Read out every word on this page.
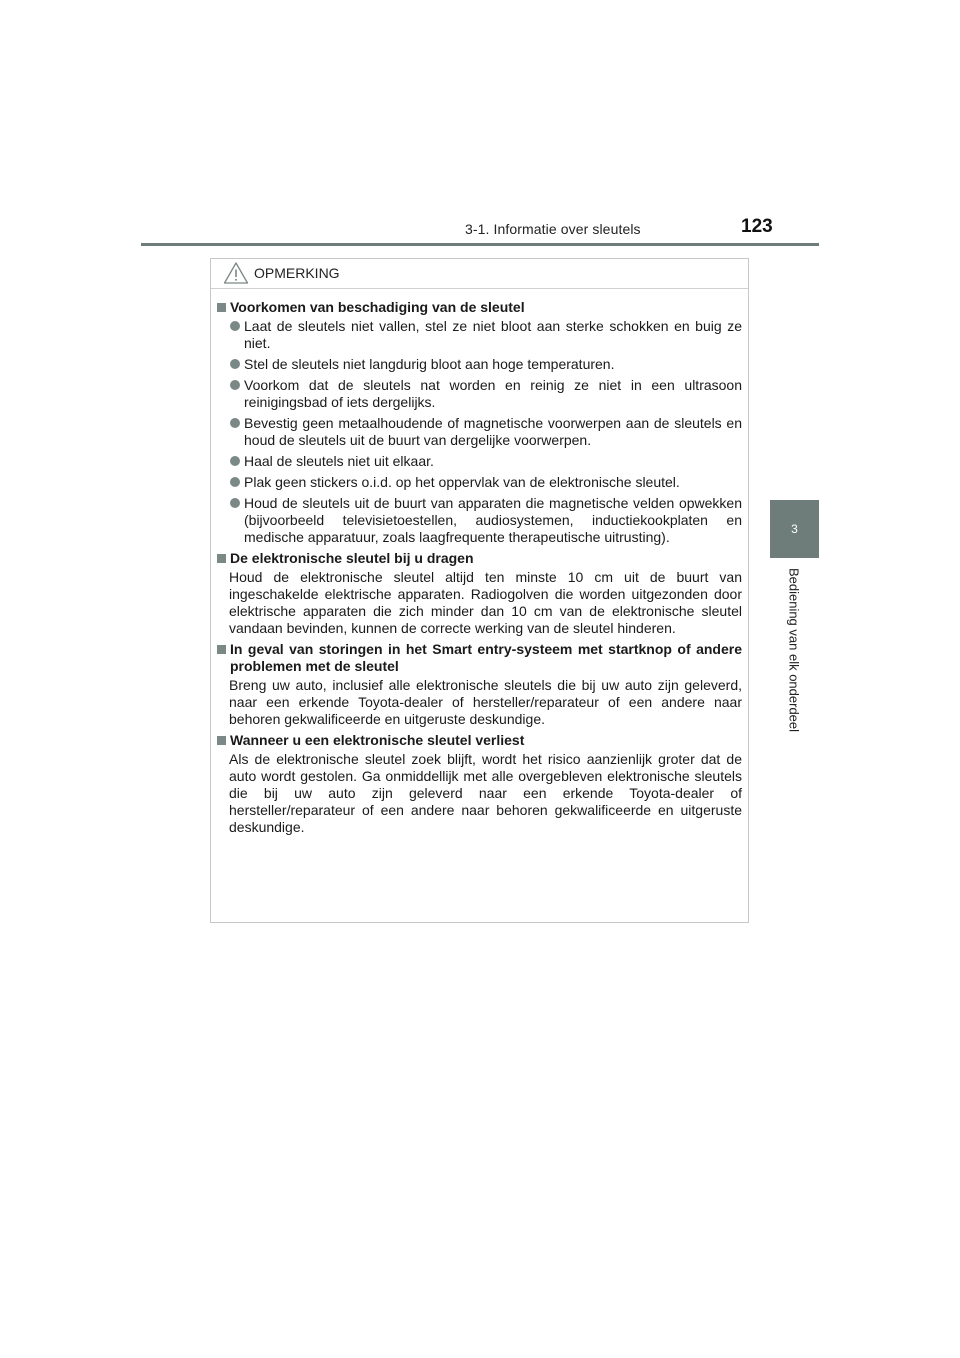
3-1. Informatie over sleutels	123
3
Bediening van elk onderdeel
OPMERKING
Voorkomen van beschadiging van de sleutel
Laat de sleutels niet vallen, stel ze niet bloot aan sterke schokken en buig ze niet.
Stel de sleutels niet langdurig bloot aan hoge temperaturen.
Voorkom dat de sleutels nat worden en reinig ze niet in een ultrasoon reinigingsbad of iets dergelijks.
Bevestig geen metaalhoudende of magnetische voorwerpen aan de sleutels en houd de sleutels uit de buurt van dergelijke voorwerpen.
Haal de sleutels niet uit elkaar.
Plak geen stickers o.i.d. op het oppervlak van de elektronische sleutel.
Houd de sleutels uit de buurt van apparaten die magnetische velden opwekken (bijvoorbeeld televisietoestellen, audiosystemen, inductiekookplaten en medische apparatuur, zoals laagfrequente therapeutische uitrusting).
De elektronische sleutel bij u dragen
Houd de elektronische sleutel altijd ten minste 10 cm uit de buurt van ingeschakelde elektrische apparaten. Radiogolven die worden uitgezonden door elektrische apparaten die zich minder dan 10 cm van de elektronische sleutel vandaan bevinden, kunnen de correcte werking van de sleutel hinderen.
In geval van storingen in het Smart entry-systeem met startknop of andere problemen met de sleutel
Breng uw auto, inclusief alle elektronische sleutels die bij uw auto zijn geleverd, naar een erkende Toyota-dealer of hersteller/reparateur of een andere naar behoren gekwalificeerde en uitgeruste deskundige.
Wanneer u een elektronische sleutel verliest
Als de elektronische sleutel zoek blijft, wordt het risico aanzienlijk groter dat de auto wordt gestolen. Ga onmiddellijk met alle overgebleven elektronische sleutels die bij uw auto zijn geleverd naar een erkende Toyota-dealer of hersteller/reparateur of een andere naar behoren gekwalificeerde en uitgeruste deskundige.
